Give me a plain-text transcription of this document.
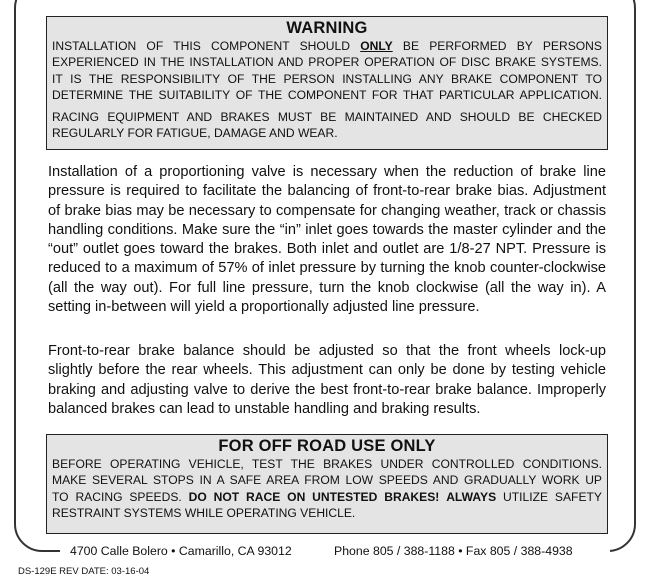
WARNING

INSTALLATION OF THIS COMPONENT SHOULD ONLY BE PERFORMED BY PERSONS

EXPERIENCED IN THE INSTALLATION AND PROPER OPERATION OF DISC BRAKE SYSTEMS.

IT IS THE RESPONSIBILITY OF THE PERSON INSTALLING ANY BRAKE COMPONENT TO

DETERMINE THE SUITABILITY OF THE COMPONENT FOR THAT PARTICULAR APPLICATION.

RACING EQUIPMENT AND BRAKES MUST BE MAINTAINED AND SHOULD BE CHECKED

REGULARLY FOR FATIGUE, DAMAGE AND WEAR.

Installation of a proportioning valve is necessary when the reduction of brake line pressure is required to facilitate the balancing of front-to-rear brake bias. Adjustment of brake bias may be necessary to compensate for changing weather, track or chassis handling conditions. Make sure the “in” inlet goes towards the master cylinder and the “out” outlet goes toward the brakes. Both inlet and outlet are 1/8-27 NPT. Pressure is reduced to a maximum of 57% of inlet pressure by turning the knob counter-clockwise (all the way out). For full line pressure, turn the knob clockwise (all the way in). A setting in-between will yield a proportionally adjusted line pressure.

Front-to-rear brake balance should be adjusted so that the front wheels lock-up slightly before the rear wheels. This adjustment can only be done by testing vehicle braking and adjusting valve to derive the best front-to-rear brake balance. Improperly balanced brakes can lead to unstable handling and braking results.

FOR OFF ROAD USE ONLY

BEFORE OPERATING VEHICLE, TEST THE BRAKES UNDER CONTROLLED CONDITIONS.

MAKE SEVERAL STOPS IN A SAFE AREA FROM LOW SPEEDS AND GRADUALLY WORK UP

TO RACING SPEEDS. DO NOT RACE ON UNTESTED BRAKES! ALWAYS UTILIZE SAFETY

RESTRAINT SYSTEMS WHILE OPERATING VEHICLE.

4700 Calle Bolero • Camarillo, CA 93012	Phone 805 / 388-1188 • Fax 805 / 388-4938
DS-129E REV DATE: 03-16-04
